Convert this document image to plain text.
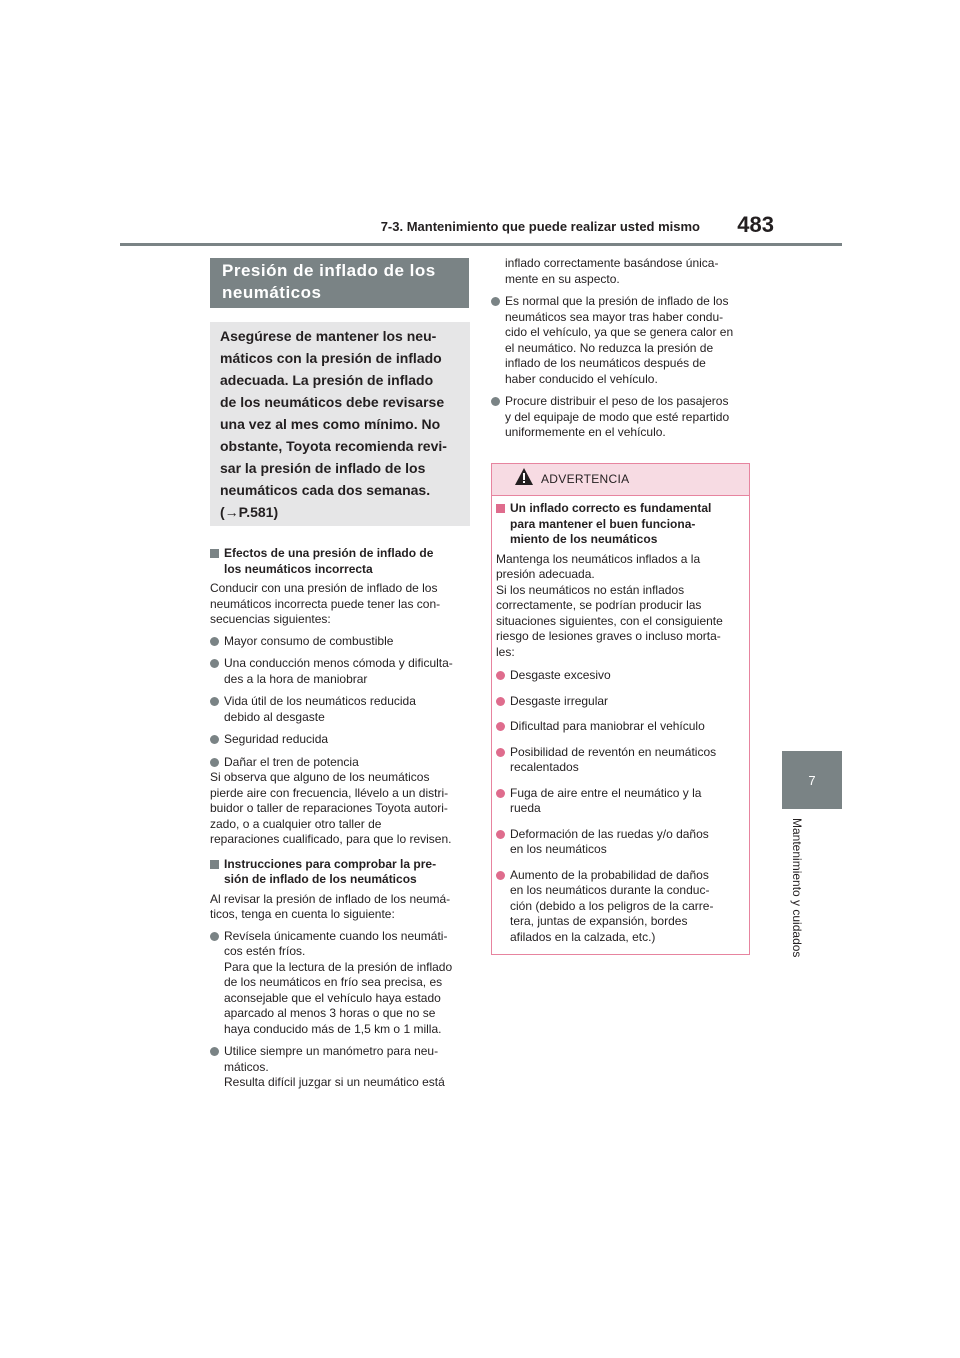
7-3. Mantenimiento que puede realizar usted mismo	483
7
Mantenimiento y cuidados
Presión de inflado de los
neumáticos
Asegúrese de mantener los neu-
máticos con la presión de inflado
adecuada. La presión de inflado
de los neumáticos debe revisarse
una vez al mes como mínimo. No
obstante, Toyota recomienda revi-
sar la presión de inflado de los
neumáticos cada dos semanas.
(→P.581)
Efectos de una presión de inflado de
los neumáticos incorrecta
Conducir con una presión de inflado de los
neumáticos incorrecta puede tener las con-
secuencias siguientes:
Mayor consumo de combustible
Una conducción menos cómoda y dificulta-
des a la hora de maniobrar
Vida útil de los neumáticos reducida
debido al desgaste
Seguridad reducida
Dañar el tren de potencia
Si observa que alguno de los neumáticos
pierde aire con frecuencia, llévelo a un distri-
buidor o taller de reparaciones Toyota autori-
zado, o a cualquier otro taller de
reparaciones cualificado, para que lo revisen.
Instrucciones para comprobar la pre-
sión de inflado de los neumáticos
Al revisar la presión de inflado de los neumá-
ticos, tenga en cuenta lo siguiente:
Revísela únicamente cuando los neumáti-
cos estén fríos.
Para que la lectura de la presión de inflado
de los neumáticos en frío sea precisa, es
aconsejable que el vehículo haya estado
aparcado al menos 3 horas o que no se
haya conducido más de 1,5 km o 1 milla.
Utilice siempre un manómetro para neu-
máticos.
Resulta difícil juzgar si un neumático está
inflado correctamente basándose única-
mente en su aspecto.
Es normal que la presión de inflado de los
neumáticos sea mayor tras haber condu-
cido el vehículo, ya que se genera calor en
el neumático. No reduzca la presión de
inflado de los neumáticos después de
haber conducido el vehículo.
Procure distribuir el peso de los pasajeros
y del equipaje de modo que esté repartido
uniformemente en el vehículo.
ADVERTENCIA
Un inflado correcto es fundamental
para mantener el buen funciona-
miento de los neumáticos
Mantenga los neumáticos inflados a la
presión adecuada.
Si los neumáticos no están inflados
correctamente, se podrían producir las
situaciones siguientes, con el consiguiente
riesgo de lesiones graves o incluso morta-
les:
Desgaste excesivo
Desgaste irregular
Dificultad para maniobrar el vehículo
Posibilidad de reventón en neumáticos
recalentados
Fuga de aire entre el neumático y la
rueda
Deformación de las ruedas y/o daños
en los neumáticos
Aumento de la probabilidad de daños
en los neumáticos durante la conduc-
ción (debido a los peligros de la carre-
tera, juntas de expansión, bordes
afilados en la calzada, etc.)
